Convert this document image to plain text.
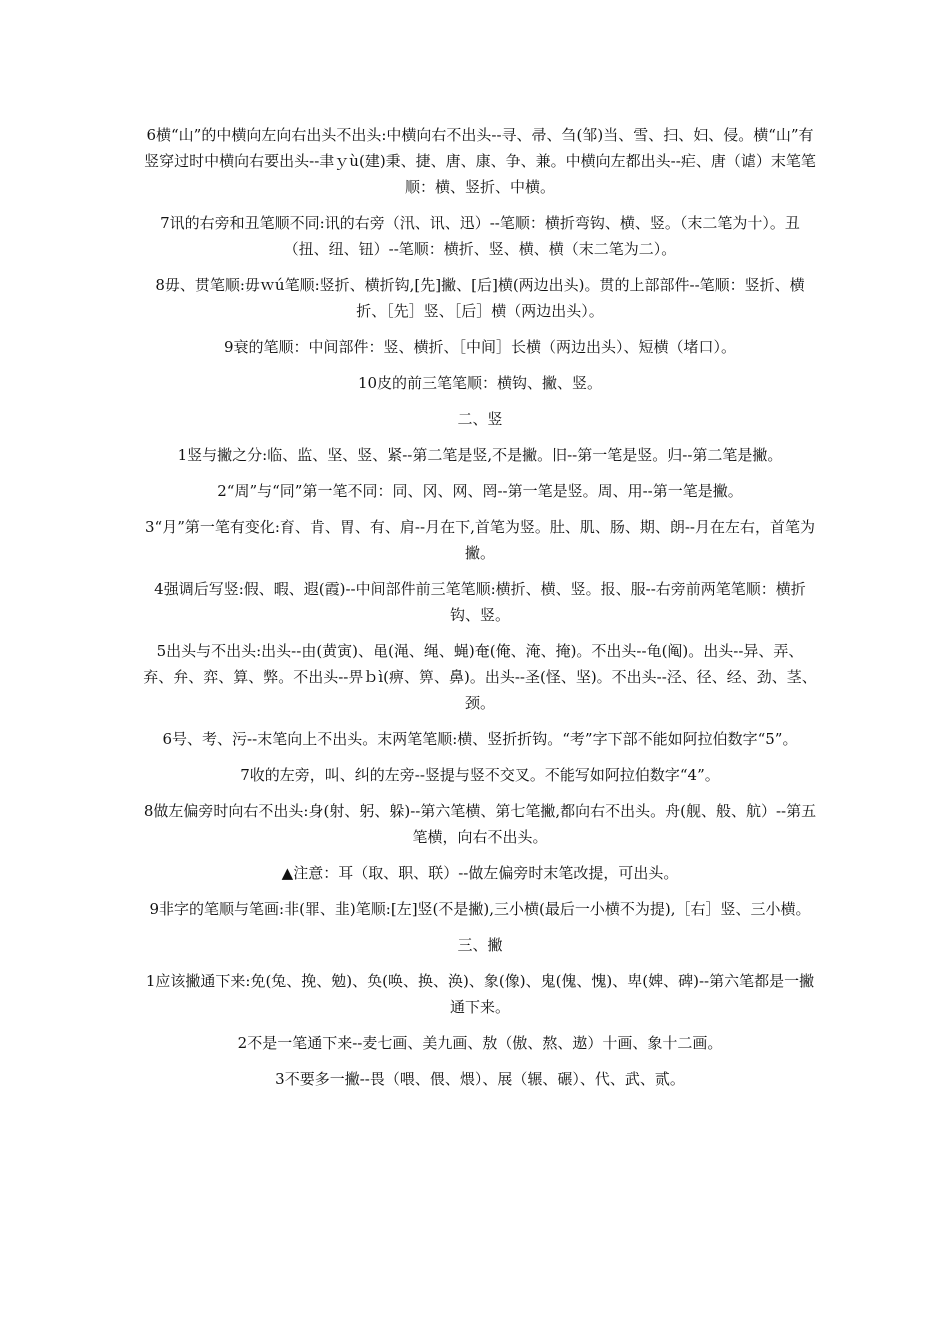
6横“山”的中横向左向右出头不出头:中横向右不出头--寻、帚、刍(邹)当、雪、扫、妇、侵。横“山”有竖穿过时中横向右要出头--聿ｙù(建)秉、捷、唐、康、争、兼。中横向左都出头--疟、唐（谑）末笔笔顺：横、竖折、中横。

7讯的右旁和丑笔顺不同:讯的右旁（汛、讯、迅）--笔顺：横折弯钩、横、竖。（末二笔为十）。丑（扭、纽、钮）--笔顺：横折、竖、横、横（末二笔为二）。

8毋、贯笔顺:毋ｗú笔顺:竖折、横折钩,[先]撇、[后]横(两边出头)。贯的上部部件--笔顺：竖折、横折、［先］竖、［后］横（两边出头）。

9衰的笔顺：中间部件：竖、横折、［中间］长横（两边出头）、短横（堵口）。

10皮的前三笔笔顺：横钩、撇、竖。

二、竖

1竖与撇之分:临、监、坚、竖、紧--第二笔是竖,不是撇。旧--第一笔是竖。归--第二笔是撇。

2“周”与“同”第一笔不同：同、冈、网、罔--第一笔是竖。周、用--第一笔是撇。

3“月”第一笔有变化:育、肯、胃、有、肩--月在下,首笔为竖。肚、肌、肠、期、朗--月在左右，首笔为撇。

4强调后写竖:假、暇、遐(霞)--中间部件前三笔笔顺:横折、横、竖。报、服--右旁前两笔笔顺：横折钩、竖。

5出头与不出头:出头--由(黄寅)、黾(渑、绳、蝇)奄(俺、淹、掩)。不出头--龟(阄)。出头--异、弄、弃、弁、弈、算、弊。不出头--畀ｂì(痹、箅、鼻)。出头--圣(怪、坚)。不出头--泾、径、经、劲、茎、颈。

6号、考、污--末笔向上不出头。末两笔笔顺:横、竖折折钩。“考”字下部不能如阿拉伯数字“5”。

7收的左旁，叫、纠的左旁--竖提与竖不交叉。不能写如阿拉伯数字“4”。

8做左偏旁时向右不出头:身(射、躬、躲)--第六笔横、第七笔撇,都向右不出头。舟(舰、般、航）--第五笔横，向右不出头。

▲注意：耳（取、职、联）--做左偏旁时末笔改提，可出头。

9非字的笔顺与笔画:非(罪、韭)笔顺:[左]竖(不是撇),三小横(最后一小横不为提),［右］竖、三小横。

三、撇

1应该撇通下来:免(兔、挽、勉)、奂(唤、换、涣)、象(像)、鬼(傀、愧)、卑(婢、碑)--第六笔都是一撇通下来。

2不是一笔通下来--麦七画、美九画、敖（傲、熬、遨）十画、象十二画。

3不要多一撇--畏（喂、偎、煨）、展（辗、碾）、代、武、贰。
